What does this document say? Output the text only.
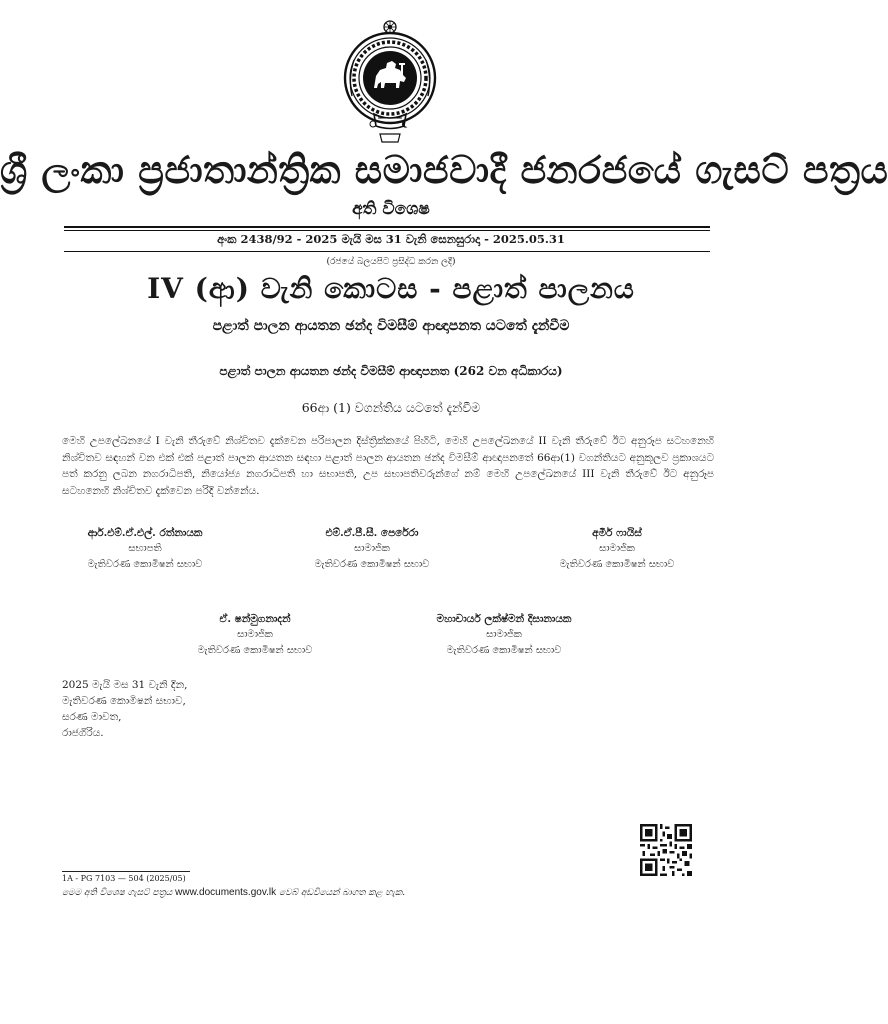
ශ්‍රී ලංකා ප්‍රජාතාන්ත්‍රික සමාජවාදී ජනරජයේ ගැසට් පත්‍රය
අති විශෙෂ
අංක 2438/92 - 2025 මැයි මස 31 වැනි සෙනසුරාදා - 2025.05.31
(රජයේ බලයපිට ප්‍රසිද්ධ කරන ලදී)
IV (ආ) වැනි කොටස - පළාත් පාලනය
පළාත් පාලන ආයතන ඡන්ද විමසීම් ආඥාපනත යටතේ දැන්වීම
පළාත් පාලන ආයතන ඡන්ද විමසීම් ආඥාපනත (262 වන අධිකාරය)
66ආ (1) වගන්තිය යටතේ දැන්වීම
මෙහි උපලේඛනයේ I වැනි තීරුවේ නිශ්චිතව දැක්වෙන පරිපාලන දිස්ත්‍රික්කයේ පිහිටි, මෙහි උපලේඛනයේ II වැනි තීරුවේ ඊට අනුරූප සටහනෙහි නිශ්චිතව සඳහන් වන එක් එක් පළාත් පාලන ආයතන සඳහා පළාත් පාලන ආයතන ඡන්ද විමසීම් ආඥාපනතේ 66ආ(1) වගන්තියට අනුකූලව ප්‍රකාශයට පත් කරනු ලබන නගරාධිපති, නියෝජ්‍ය නගරාධිපති හා සභාපති, උප සභාපතිවරුන්ගේ නම් මෙහි උපලේඛනයේ III වැනි තීරුවේ ඊට අනුරූප සටහනෙහි නිශ්චිතව දැක්වෙන පරිදි වන්නේය.
ආර්.එම්.ඒ.එල්. රත්නායක
සභාපති
මැතිවරණ කොමිෂන් සභාව
එම්.ඒ.පී.සී. පෙරේරා
සාමාජික
මැතිවරණ කොමිෂන් සභාව
අමීර් ෆායිස්
සාමාජික
මැතිවරණ කොමිෂන් සභාව
ඒ. ෂන්මුගනාදන්
සාමාජික
මැතිවරණ කොමිෂන් සභාව
මහාචාර්ය ලක්ෂ්මන් දිසානායක
සාමාජික
මැතිවරණ කොමිෂන් සභාව
2025 මැයි මස 31 වැනි දින,
මැතිවරණ කොමිෂන් සභාව,
සරණ මාවත,
රාජගිරිය.
1A - PG 7103 — 504 (2025/05)
මෙම අති විශෙෂ ගැසට් පත්‍රය www.documents.gov.lk වෙබ් අඩවියෙන් බාගත කළ හැක.
